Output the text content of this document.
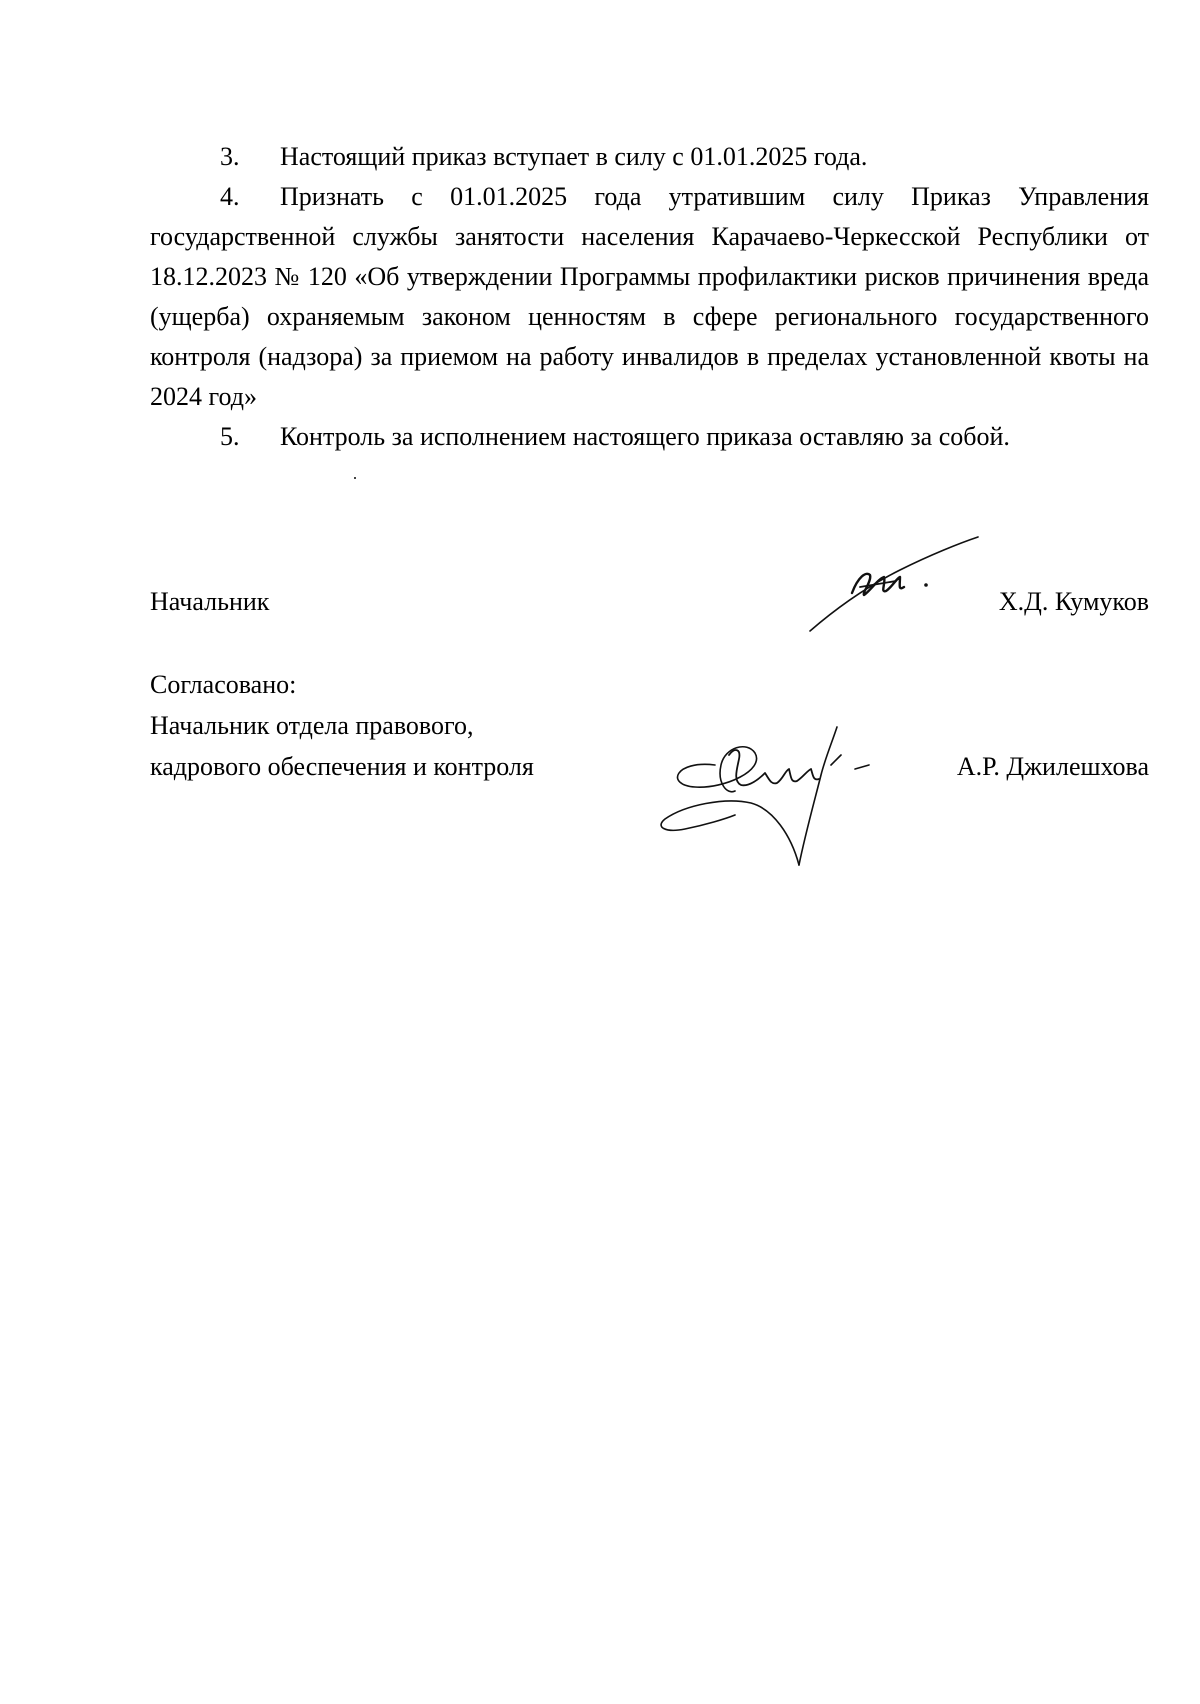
3. Настоящий приказ вступает в силу с 01.01.2025 года.

4. Признать с 01.01.2025 года утратившим силу Приказ Управления государственной службы занятости населения Карачаево-Черкесской Республики от 18.12.2023 № 120 «Об утверждении Программы профилактики рисков причинения вреда (ущерба) охраняемым законом ценностям в сфере регионального государственного контроля (надзора) за приемом на работу инвалидов в пределах установленной квоты на 2024 год»

5. Контроль за исполнением настоящего приказа оставляю за собой.

Начальник	Х.Д. Кумуков

Согласовано:

Начальник отдела правового,

кадрового обеспечения и контроля	А.Р. Джилешхова
